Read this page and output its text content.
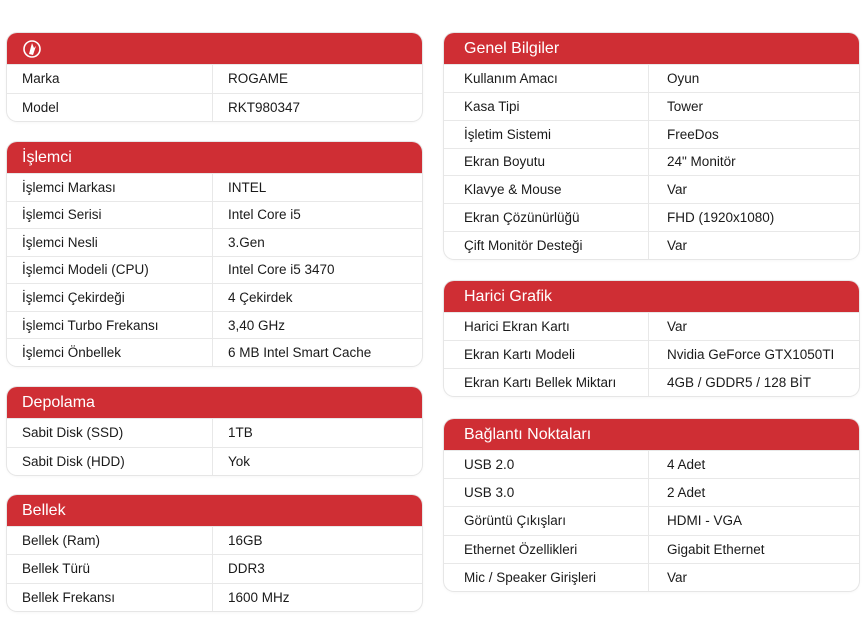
Marka	ROGAME
Model	RKT980347
İşlemci
İşlemci Markası	INTEL
İşlemci Serisi	Intel Core i5
İşlemci Nesli	3.Gen
İşlemci Modeli (CPU)	Intel Core i5 3470
İşlemci Çekirdeği	4 Çekirdek
İşlemci Turbo Frekansı	3,40 GHz
İşlemci Önbellek	6 MB Intel Smart Cache
Depolama
Sabit Disk (SSD)	1TB
Sabit Disk (HDD)	Yok
Bellek
Bellek (Ram)	16GB
Bellek Türü	DDR3
Bellek Frekansı	1600 MHz
Genel Bilgiler
Kullanım Amacı	Oyun
Kasa Tipi	Tower
İşletim Sistemi	FreeDos
Ekran Boyutu	24" Monitör
Klavye & Mouse	Var
Ekran Çözünürlüğü	FHD (1920x1080)
Çift Monitör Desteği	Var
Harici Grafik
Harici Ekran Kartı	Var
Ekran Kartı Modeli	Nvidia GeForce GTX1050TI
Ekran Kartı Bellek Miktarı	4GB / GDDR5 / 128 BİT
Bağlantı Noktaları
USB 2.0	4 Adet
USB 3.0	2 Adet
Görüntü Çıkışları	HDMI - VGA
Ethernet Özellikleri	Gigabit Ethernet
Mic / Speaker Girişleri	Var
